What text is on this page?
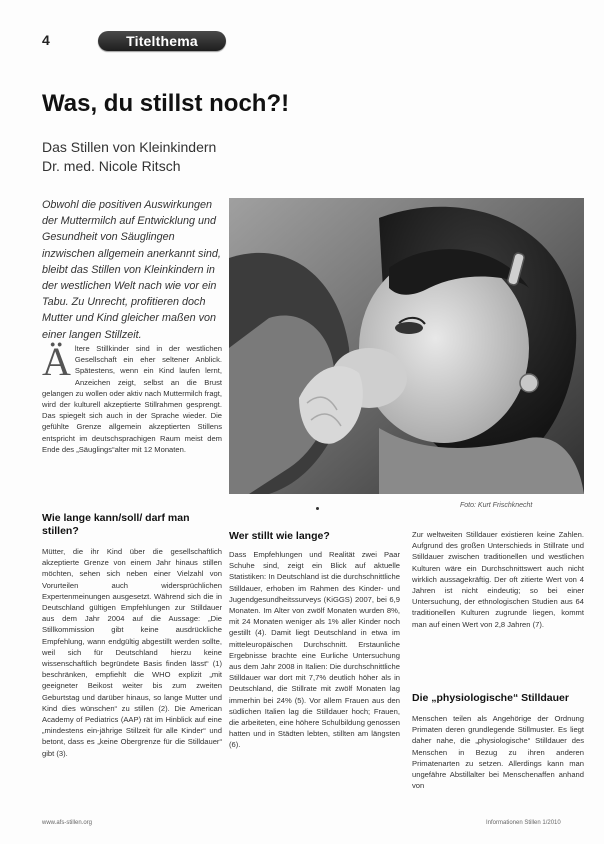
4	Titelthema
Was, du stillst noch?!
Das Stillen von Kleinkindern
Dr. med. Nicole Ritsch
Obwohl die positiven Auswirkungen der Muttermilch auf Entwicklung und Gesundheit von Säuglingen inzwischen allgemein anerkannt sind, bleibt das Stillen von Kleinkindern in der westlichen Welt nach wie vor ein Tabu. Zu Unrecht, profitieren doch Mutter und Kind gleicher maßen von einer langen Stillzeit.
Foto: Kurt Frischknecht
Ältere Stillkinder sind in der westlichen Gesellschaft ein eher seltener Anblick. Spätestens, wenn ein Kind laufen lernt, Anzeichen zeigt, selbst an die Brust gelangen zu wollen oder aktiv nach Muttermilch fragt, wird der kulturell akzeptierte Stillrahmen gesprengt. Das spiegelt sich auch in der Sprache wieder. Die gefühlte Grenze allgemein akzeptierten Stillens entspricht im deutschsprachigen Raum meist dem Ende des „Säuglings“alter mit 12 Monaten.
Wie lange kann/soll/ darf man stillen?
Mütter, die ihr Kind über die gesellschaftlich akzeptierte Grenze von einem Jahr hinaus stillen möchten, sehen sich neben einer Vielzahl von Vorurteilen auch widersprüchlichen Expertenmeinungen ausgesetzt. Während sich die in Deutschland gültigen Empfehlungen zur Stilldauer aus dem Jahr 2004 auf die Aussage: „Die Stillkommission gibt keine ausdrückliche Empfehlung, wann endgültig abgestillt werden sollte, weil sich für Deutschland hierzu keine wissenschaftlich begründete Basis finden lässt“ (1) beschränken, empfiehlt die WHO explizit „mit geeigneter Beikost weiter bis zum zweiten Geburtstag und darüber hinaus, so lange Mutter und Kind dies wünschen“ zu stillen (2). Die American Academy of Pediatrics (AAP) rät im Hinblick auf eine „mindestens ein-jährige Stillzeit für alle Kinder“ und betont, dass es „keine Obergrenze für die Stilldauer“ gibt (3).
Wer stillt wie lange?
Dass Empfehlungen und Realität zwei Paar Schuhe sind, zeigt ein Blick auf aktuelle Statistiken: In Deutschland ist die durchschnittliche Stilldauer, erhoben im Rahmen des Kinder- und Jugendgesundheitssurveys (KiGGS) 2007, bei 6,9 Monaten. Im Alter von zwölf Monaten wurden 8%, mit 24 Monaten weniger als 1% aller Kinder noch gestillt (4). Damit liegt Deutschland in etwa im mitteleuropäischen Durchschnitt. Erstaunliche Ergebnisse brachte eine Eurliche Untersuchung aus dem Jahr 2008 in Italien: Die durchschnittliche Stilldauer war dort mit 7,7% deutlich höher als in Deutschland, die Stillrate mit zwölf Monaten lag immerhin bei 24% (5). Vor allem Frauen aus den südlichen Italien lag die Stilldauer hoch; Frauen, die arbeiteten, eine höhere Schulbildung genossen hatten und in Städten lebten, stillten am längsten (6).
Zur weltweiten Stilldauer existieren keine Zahlen. Aufgrund des großen Unterschieds in Stillrate und Stilldauer zwischen traditionellen und westlichen Kulturen wäre ein Durchschnittswert auch nicht wirklich aussagekräftig. Der oft zitierte Wert von 4 Jahren ist nicht eindeutig; so bei einer Untersuchung, der ethnologischen Studien aus 64 traditionellen Kulturen zugrunde liegen, kommt man auf einen Wert von 2,8 Jahren (7).
Die „physiologische“ Stilldauer
Menschen teilen als Angehörige der Ordnung Primaten deren grundlegende Stillmuster. Es liegt daher nahe, die „physiologische“ Stilldauer des Menschen in Bezug zu ihren anderen Primatenarten zu setzen. Allerdings kann man ungefähre Abstillalter bei Menschenaffen anhand von
www.afs-stillen.org	Informationen Stillen 1/2010
